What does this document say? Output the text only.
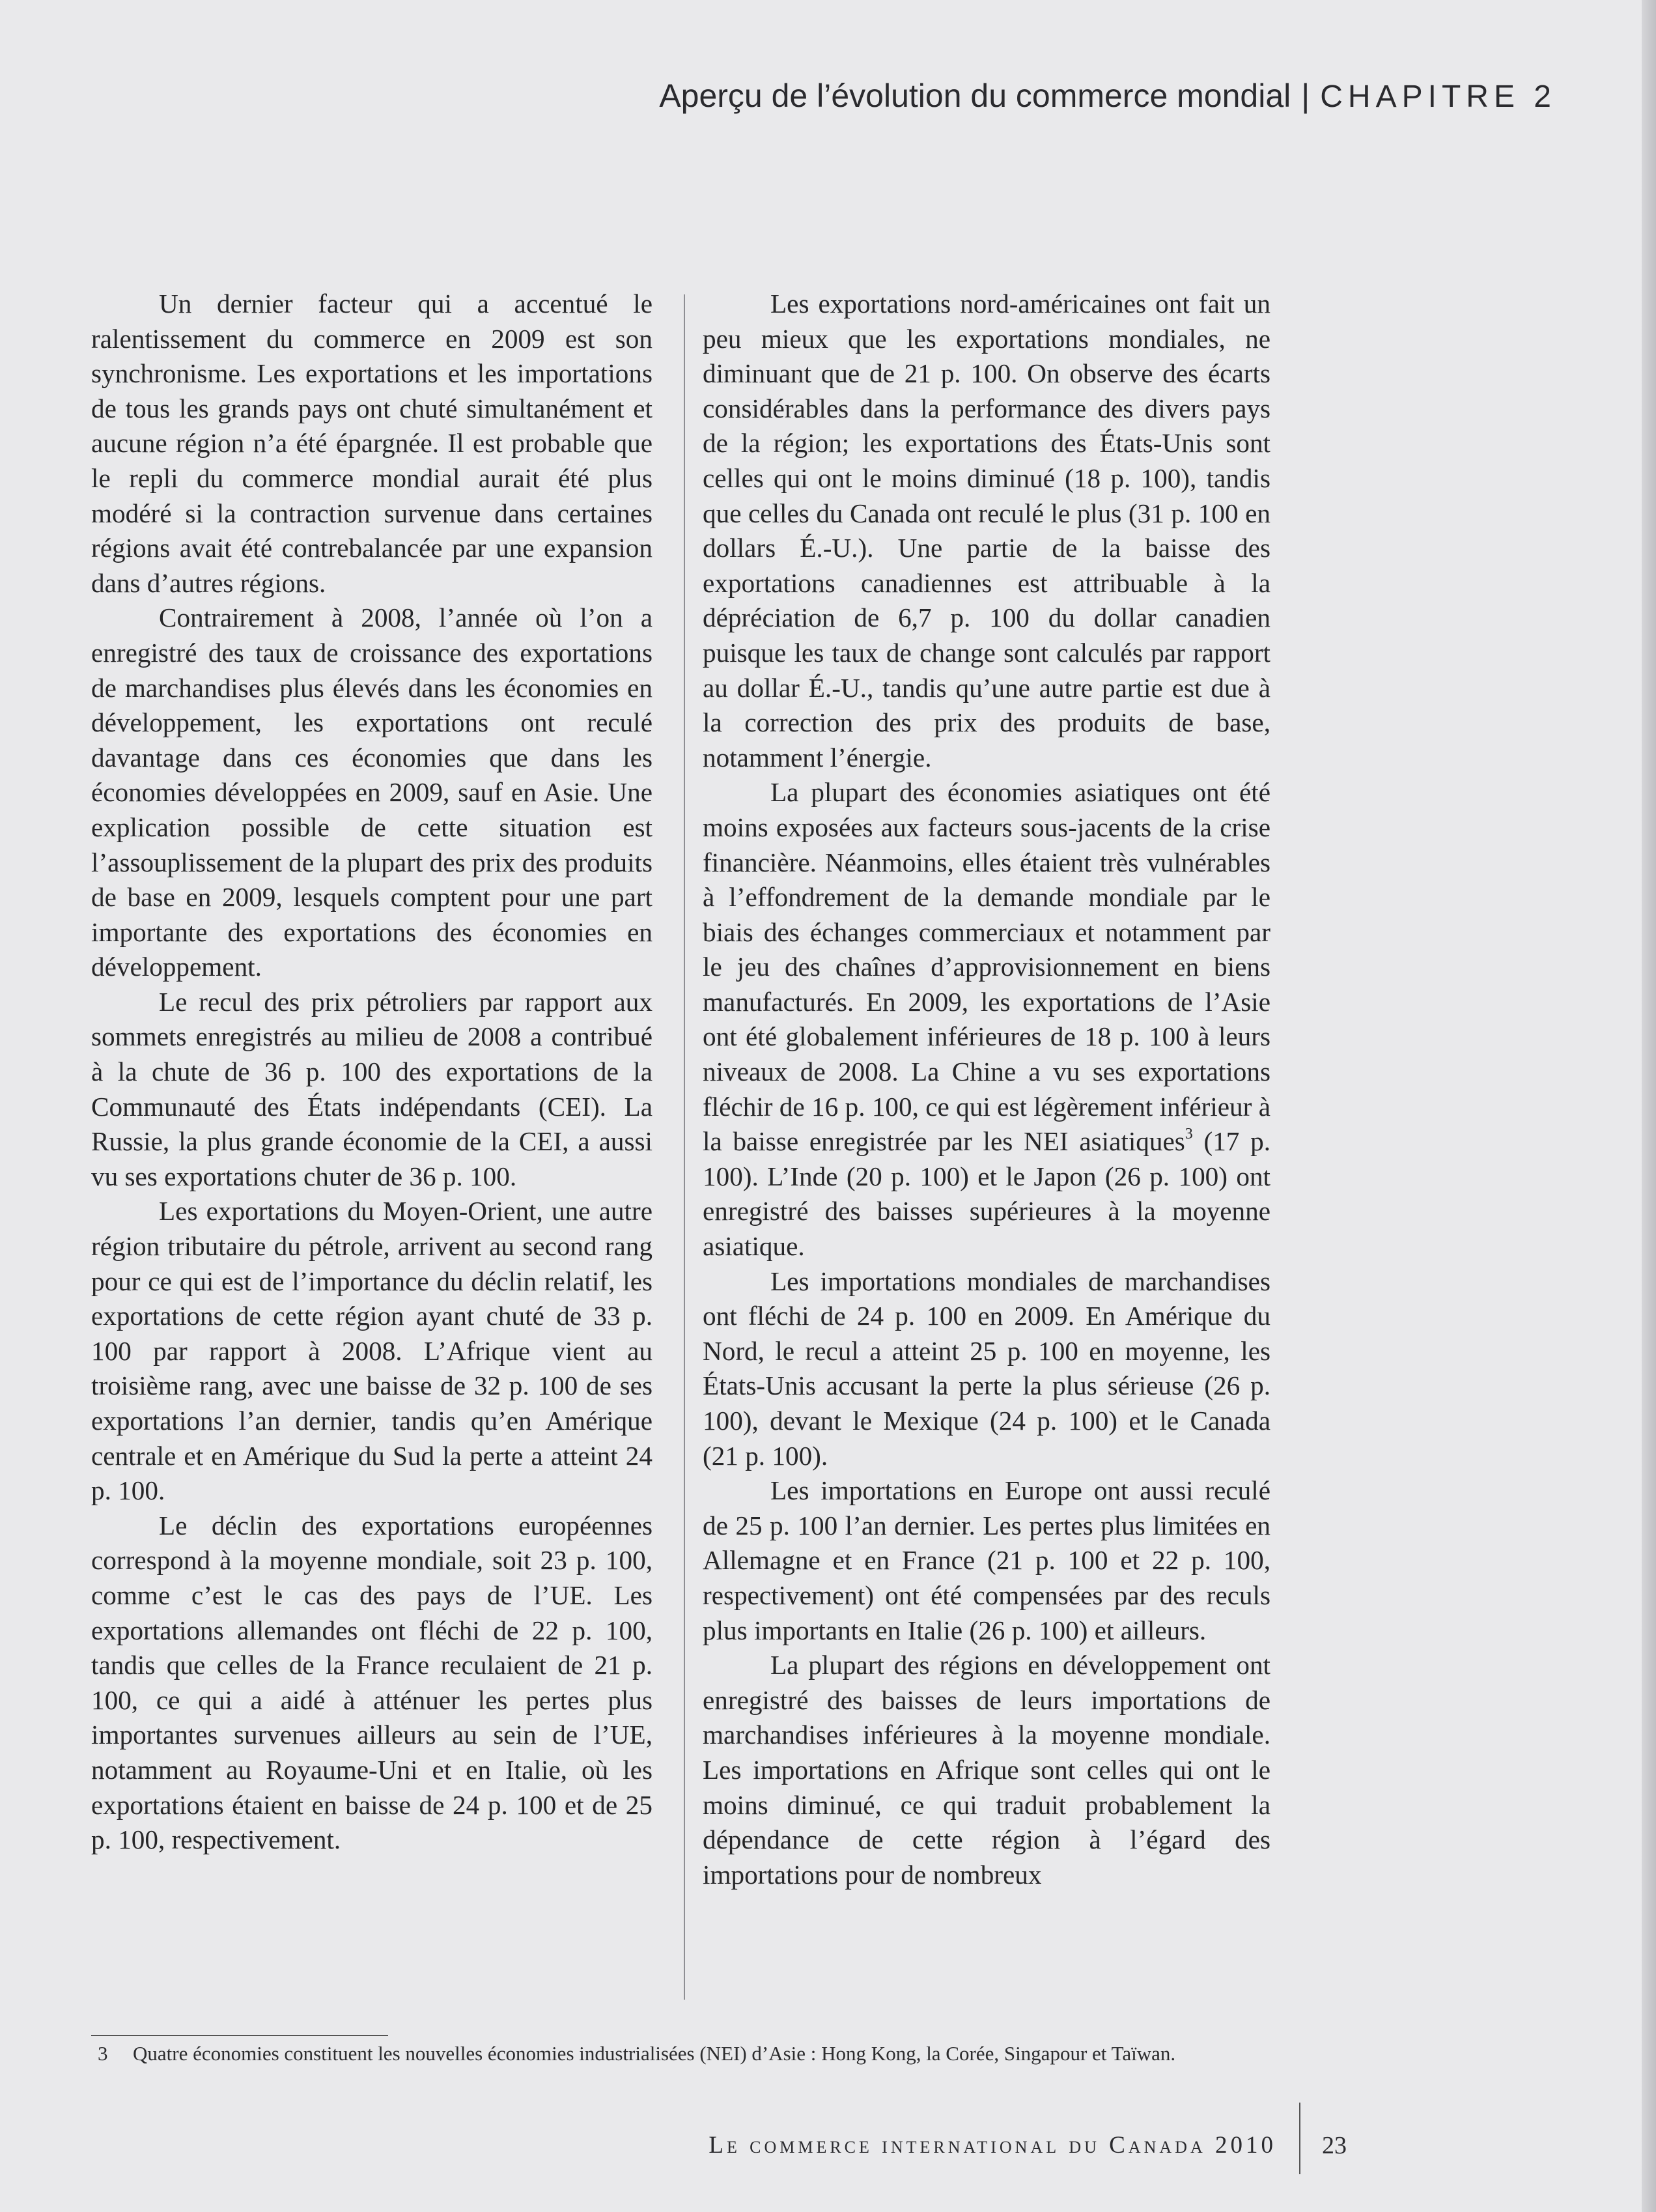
Aperçu de l’évolution du commerce mondial | CHAPITRE 2

Un dernier facteur qui a accentué le ralentissement du commerce en 2009 est son synchronisme. Les exportations et les importations de tous les grands pays ont chuté simultanément et aucune région n’a été épargnée. Il est probable que le repli du commerce mondial aurait été plus modéré si la contraction survenue dans certaines régions avait été contrebalancée par une expansion dans d’autres régions.

Contrairement à 2008, l’année où l’on a enregistré des taux de croissance des exportations de marchandises plus élevés dans les économies en développement, les exportations ont reculé davantage dans ces économies que dans les économies développées en 2009, sauf en Asie. Une explication possible de cette situation est l’assouplissement de la plupart des prix des produits de base en 2009, lesquels comptent pour une part importante des exportations des économies en développement.

Le recul des prix pétroliers par rapport aux sommets enregistrés au milieu de 2008 a contribué à la chute de 36 p. 100 des exportations de la Communauté des États indépendants (CEI). La Russie, la plus grande économie de la CEI, a aussi vu ses exportations chuter de 36 p. 100.

Les exportations du Moyen-Orient, une autre région tributaire du pétrole, arrivent au second rang pour ce qui est de l’importance du déclin relatif, les exportations de cette région ayant chuté de 33 p. 100 par rapport à 2008. L’Afrique vient au troisième rang, avec une baisse de 32 p. 100 de ses exportations l’an dernier, tandis qu’en Amérique centrale et en Amérique du Sud la perte a atteint 24 p. 100.

Le déclin des exportations européennes correspond à la moyenne mondiale, soit 23 p. 100, comme c’est le cas des pays de l’UE. Les exportations allemandes ont fléchi de 22 p. 100, tandis que celles de la France reculaient de 21 p. 100, ce qui a aidé à atténuer les pertes plus importantes survenues ailleurs au sein de l’UE, notamment au Royaume-Uni et en Italie, où les exportations étaient en baisse de 24 p. 100 et de 25 p. 100, respectivement.

Les exportations nord-américaines ont fait un peu mieux que les exportations mondiales, ne diminuant que de 21 p. 100. On observe des écarts considérables dans la performance des divers pays de la région; les exportations des États-Unis sont celles qui ont le moins diminué (18 p. 100), tandis que celles du Canada ont reculé le plus (31 p. 100 en dollars É.-U.). Une partie de la baisse des exportations canadiennes est attribuable à la dépréciation de 6,7 p. 100 du dollar canadien puisque les taux de change sont calculés par rapport au dollar É.-U., tandis qu’une autre partie est due à la correction des prix des produits de base, notamment l’énergie.

La plupart des économies asiatiques ont été moins exposées aux facteurs sous-jacents de la crise financière. Néanmoins, elles étaient très vulnérables à l’effondrement de la demande mondiale par le biais des échanges commerciaux et notamment par le jeu des chaînes d’approvisionnement en biens manufacturés. En 2009, les exportations de l’Asie ont été globalement inférieures de 18 p. 100 à leurs niveaux de 2008. La Chine a vu ses exportations fléchir de 16 p. 100, ce qui est légèrement inférieur à la baisse enregistrée par les NEI asiatiques$^3$ (17 p. 100). L’Inde (20 p. 100) et le Japon (26 p. 100) ont enregistré des baisses supérieures à la moyenne asiatique.

Les importations mondiales de marchandises ont fléchi de 24 p. 100 en 2009. En Amérique du Nord, le recul a atteint 25 p. 100 en moyenne, les États-Unis accusant la perte la plus sérieuse (26 p. 100), devant le Mexique (24 p. 100) et le Canada (21 p. 100).

Les importations en Europe ont aussi reculé de 25 p. 100 l’an dernier. Les pertes plus limitées en Allemagne et en France (21 p. 100 et 22 p. 100, respectivement) ont été compensées par des reculs plus importants en Italie (26 p. 100) et ailleurs.

La plupart des régions en développement ont enregistré des baisses de leurs importations de marchandises inférieures à la moyenne mondiale. Les importations en Afrique sont celles qui ont le moins diminué, ce qui traduit probablement la dépendance de cette région à l’égard des importations pour de nombreux

3	Quatre économies constituent les nouvelles économies industrialisées (NEI) d’Asie : Hong Kong, la Corée, Singapour et Taïwan.
Le commerce international du Canada 2010 23
